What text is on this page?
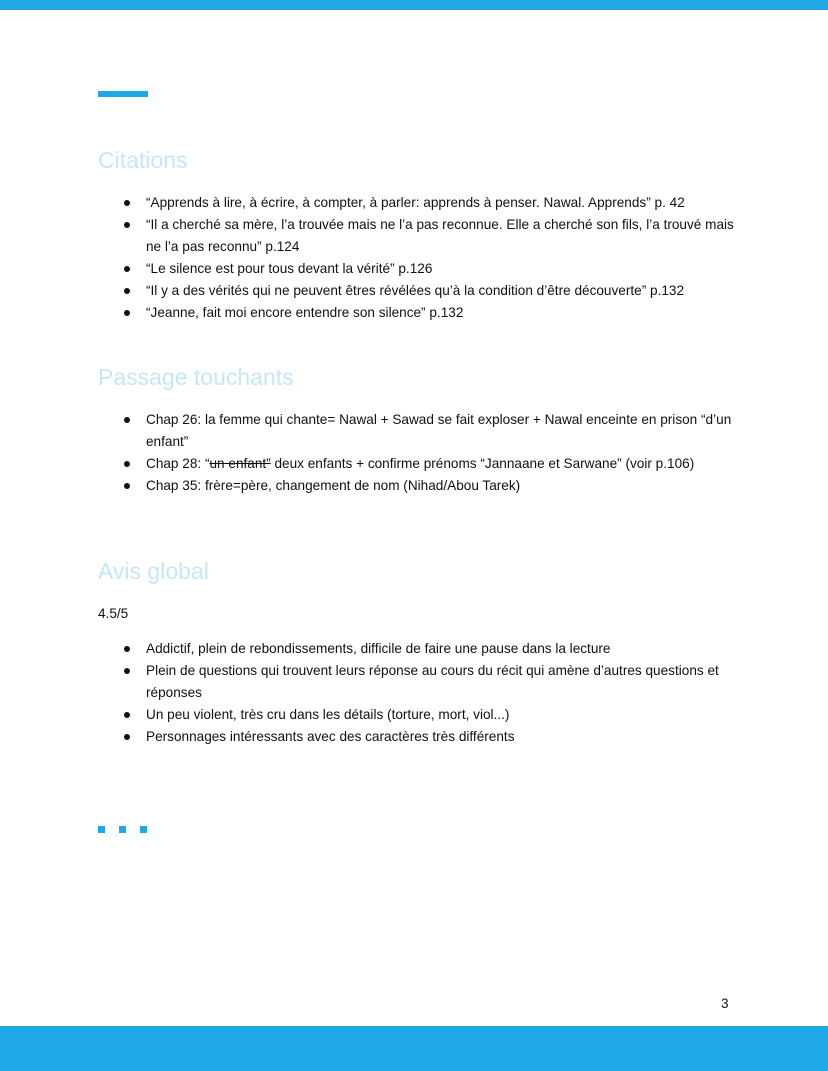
Citations
“Apprends à lire, à écrire, à compter, à parler: apprends à penser. Nawal. Apprends” p. 42
“Il a cherché sa mère, l’a trouvée mais ne l’a pas reconnue. Elle a cherché son fils, l’a trouvé mais ne l’a pas reconnu” p.124
“Le silence est pour tous devant la vérité” p.126
“Il y a des vérités qui ne peuvent êtres révélées qu’à la condition d’être découverte” p.132
“Jeanne, fait moi encore entendre son silence” p.132
Passage touchants
Chap 26: la femme qui chante= Nawal + Sawad se fait exploser + Nawal enceinte en prison “d’un enfant”
Chap 28: “un enfant” deux enfants + confirme prénoms “Jannaane et Sarwane” (voir p.106)
Chap 35: frère=père, changement de nom (Nihad/Abou Tarek)
Avis global
4.5/5
Addictif, plein de rebondissements, difficile de faire une pause dans la lecture
Plein de questions qui trouvent leurs réponse au cours du récit qui amène d’autres questions et réponses
Un peu violent, très cru dans les détails (torture, mort, viol...)
Personnages intéressants avec des caractères très différents
3
